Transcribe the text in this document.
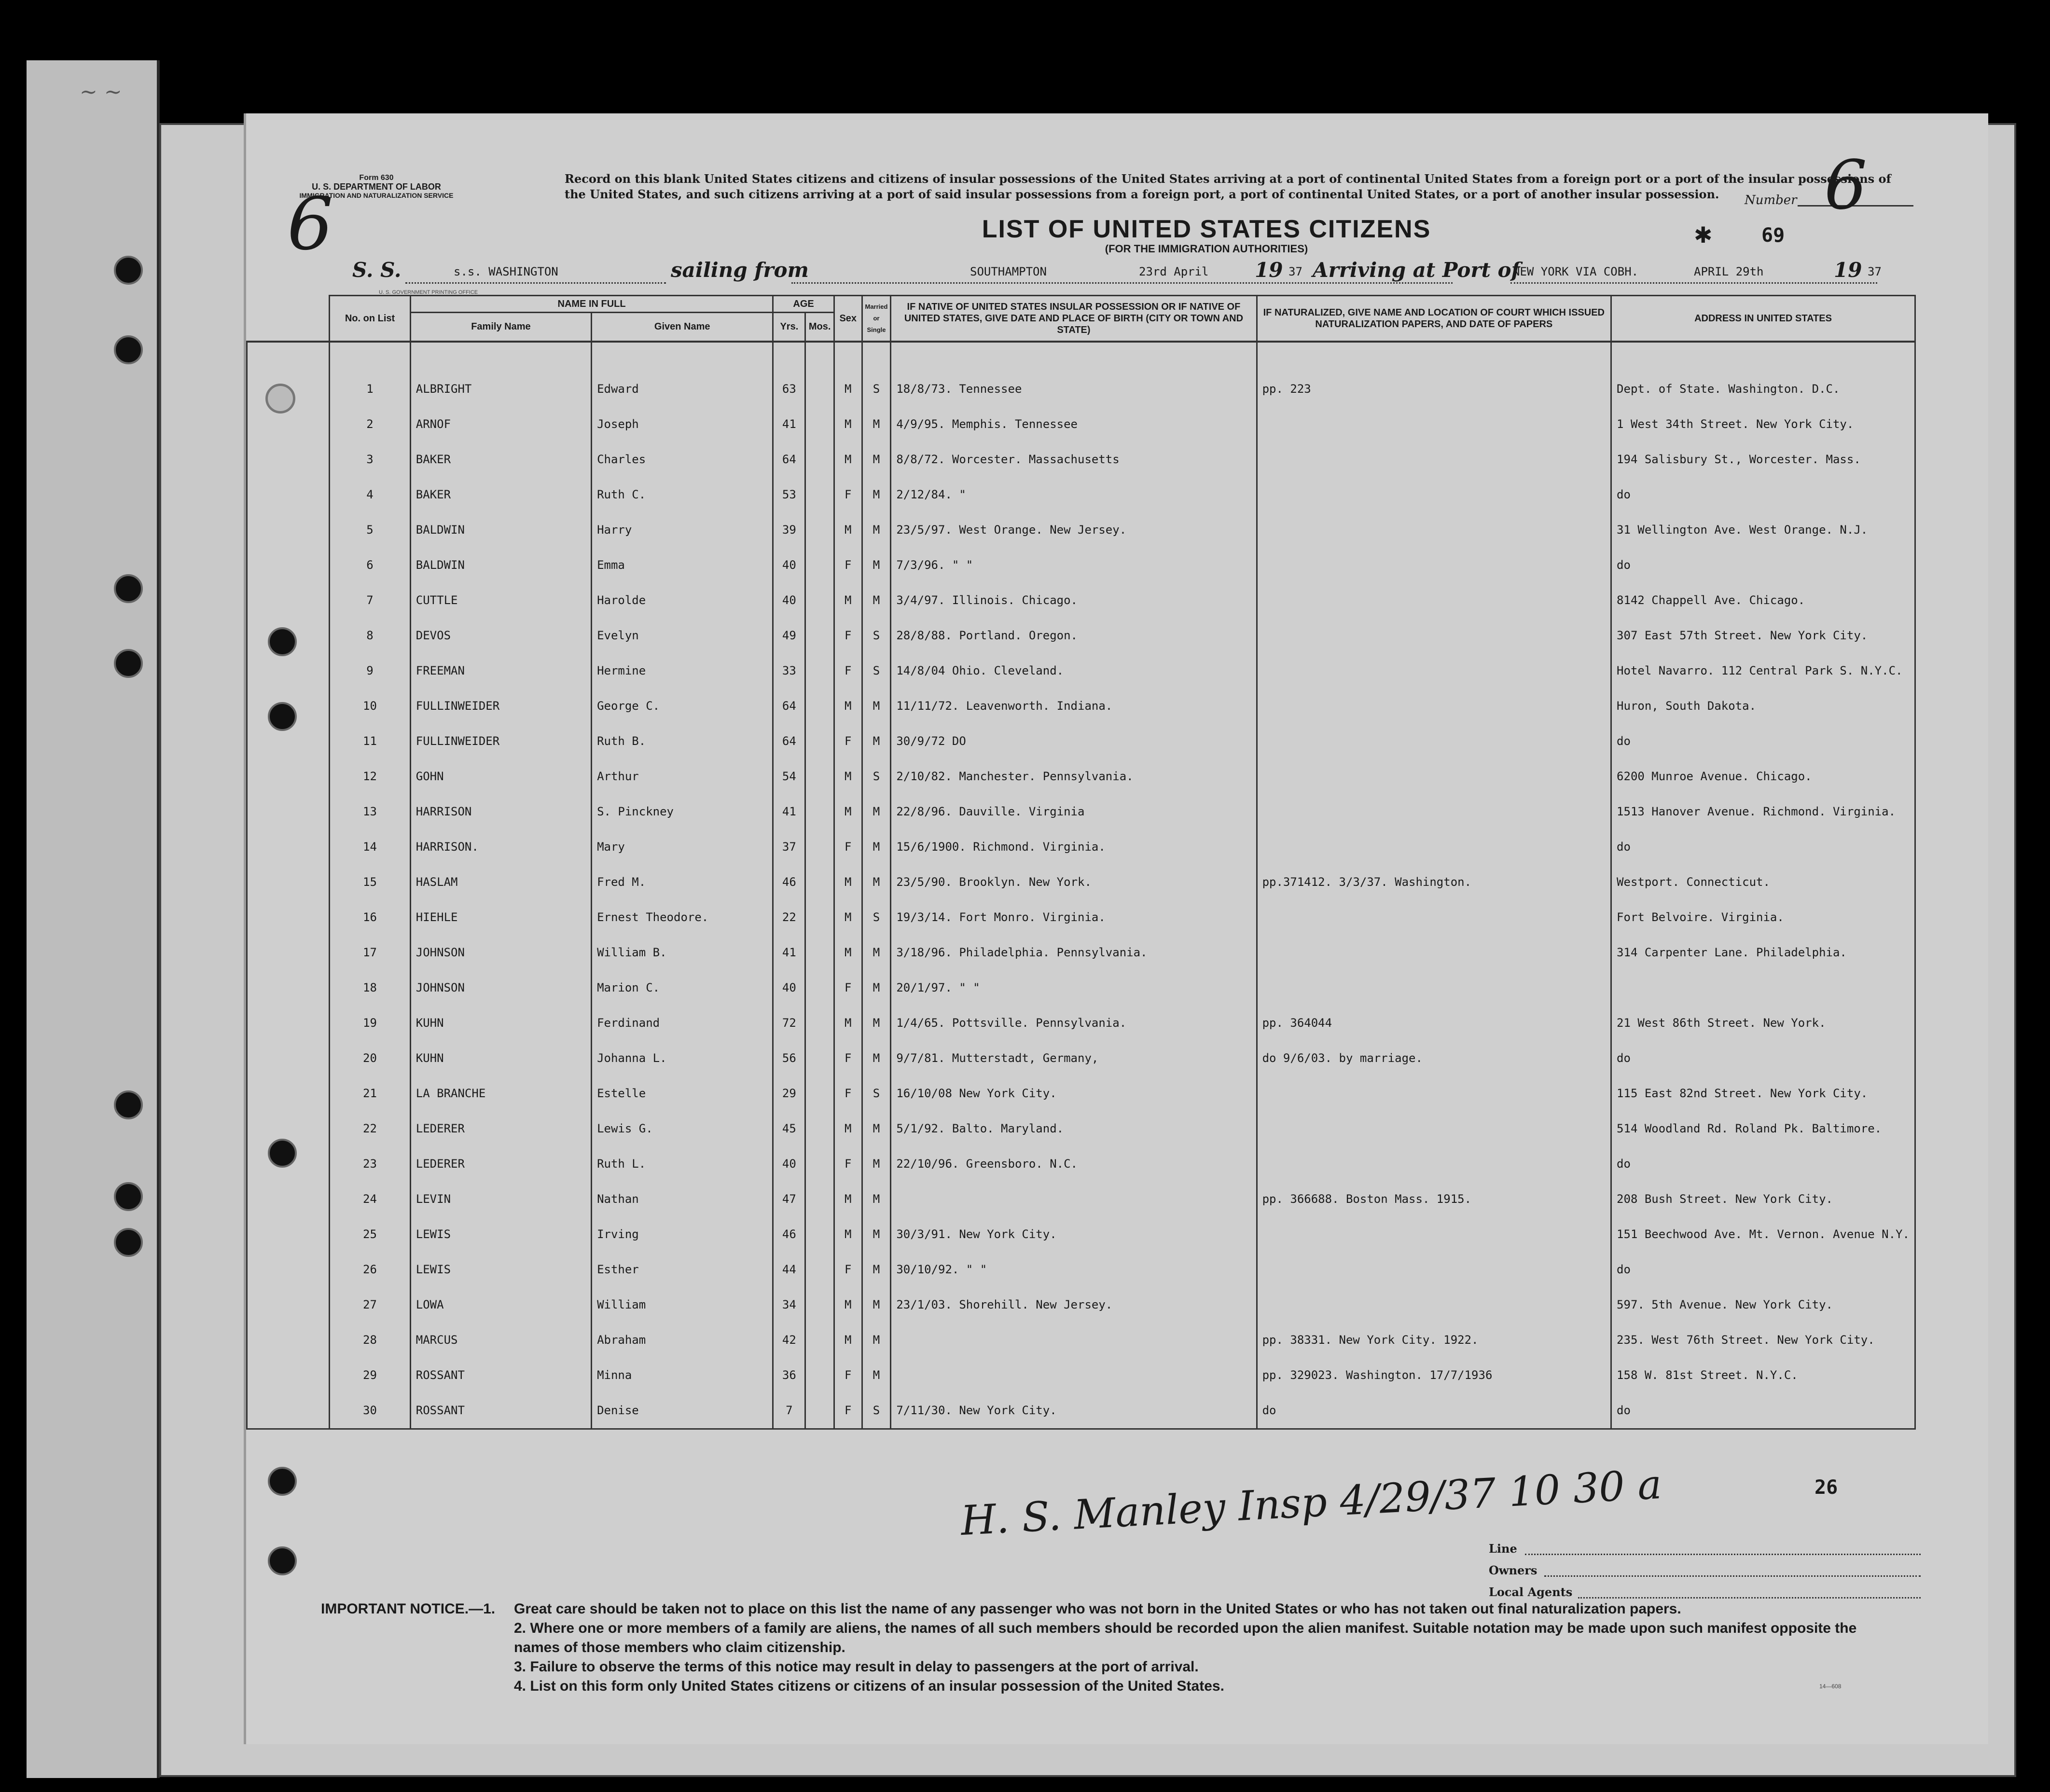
~ ~
Form 630
U. S. DEPARTMENT OF LABOR
IMMIGRATION AND NATURALIZATION SERVICE
6
Record on this blank United States citizens and citizens of insular possessions of the United States arriving at a port of continental United States from a foreign port or a port of the insular possessions of the United States, and such citizens arriving at a port of said insular possessions from a foreign port, a port of continental United States, or a port of another insular possession.	Number 6
✱	69
LIST OF UNITED STATES CITIZENS
(FOR THE IMMIGRATION AUTHORITIES)
S. S.	s.s. WASHINGTON	sailing from	SOUTHAMPTON	23rd April 19 37 Arriving at Port of
NEW YORK VIA COBH.	APRIL 29th	19 37
U. S. GOVERNMENT PRINTING OFFICE
	No. on List	NAME IN FULL		AGE		Sex	Married or Single	IF NATIVE OF UNITED STATES INSULAR POSSESSION OR IF NATIVE OF UNITED STATES, GIVE DATE AND PLACE OF BIRTH (CITY OR TOWN AND STATE)	IF NATURALIZED, GIVE NAME AND LOCATION OF COURT WHICH ISSUED NATURALIZATION PAPERS, AND DATE OF PAPERS	ADDRESS IN UNITED STATES
		Family Name	Given Name	Yrs.	Mos.					

	1	ALBRIGHT	Edward	63		M	S	18/8/73. Tennessee	pp. 223	Dept. of State. Washington. D.C.
	2	ARNOF	Joseph	41		M	M	4/9/95. Memphis. Tennessee		1 West 34th Street. New York City.
	3	BAKER	Charles	64		M	M	8/8/72. Worcester. Massachusetts		194 Salisbury St., Worcester. Mass.
	4	BAKER	Ruth C.	53		F	M	2/12/84. "		do
	5	BALDWIN	Harry	39		M	M	23/5/97. West Orange. New Jersey.		31 Wellington Ave. West Orange. N.J.
	6	BALDWIN	Emma	40		F	M	7/3/96. " "		do
	7	CUTTLE	Harolde	40		M	M	3/4/97. Illinois. Chicago.		8142 Chappell Ave. Chicago.
	8	DEVOS	Evelyn	49		F	S	28/8/88. Portland. Oregon.		307 East 57th Street. New York City.
	9	FREEMAN	Hermine	33		F	S	14/8/04 Ohio. Cleveland.		Hotel Navarro. 112 Central Park S. N.Y.C.
	10	FULLINWEIDER	George C.	64		M	M	11/11/72. Leavenworth. Indiana.		Huron, South Dakota.
	11	FULLINWEIDER	Ruth B.	64		F	M	30/9/72 DO		do
	12	GOHN	Arthur	54		M	S	2/10/82. Manchester. Pennsylvania.		6200 Munroe Avenue. Chicago.
	13	HARRISON	S. Pinckney	41		M	M	22/8/96. Dauville. Virginia		1513 Hanover Avenue. Richmond. Virginia.
	14	HARRISON.	Mary	37		F	M	15/6/1900. Richmond. Virginia.		do
	15	HASLAM	Fred M.	46		M	M	23/5/90. Brooklyn. New York.	pp.371412. 3/3/37. Washington.	Westport. Connecticut.
	16	HIEHLE	Ernest Theodore.	22		M	S	19/3/14. Fort Monro. Virginia.		Fort Belvoire. Virginia.
	17	JOHNSON	William B.	41		M	M	3/18/96. Philadelphia. Pennsylvania.		314 Carpenter Lane. Philadelphia.
	18	JOHNSON	Marion C.	40		F	M	20/1/97. " "		
	19	KUHN	Ferdinand	72		M	M	1/4/65. Pottsville. Pennsylvania.	pp. 364044	21 West 86th Street. New York.
	20	KUHN	Johanna L.	56		F	M	9/7/81. Mutterstadt, Germany,	do 9/6/03. by marriage.	do
	21	LA BRANCHE	Estelle	29		F	S	16/10/08 New York City.		115 East 82nd Street. New York City.
	22	LEDERER	Lewis G.	45		M	M	5/1/92. Balto. Maryland.		514 Woodland Rd. Roland Pk. Baltimore.
	23	LEDERER	Ruth L.	40		F	M	22/10/96. Greensboro. N.C.		do
	24	LEVIN	Nathan	47		M	M		pp. 366688. Boston Mass. 1915.	208 Bush Street. New York City.
	25	LEWIS	Irving	46		M	M	30/3/91. New York City.		151 Beechwood Ave. Mt. Vernon. Avenue N.Y.
	26	LEWIS	Esther	44		F	M	30/10/92. " "		do
	27	LOWA	William	34		M	M	23/1/03. Shorehill. New Jersey.		597. 5th Avenue. New York City.
	28	MARCUS	Abraham	42		M	M		pp. 38331. New York City. 1922.	235. West 76th Street. New York City.
	29	ROSSANT	Minna	36		F	M		pp. 329023. Washington. 17/7/1936	158 W. 81st Street. N.Y.C.
	30	ROSSANT	Denise	7		F	S	7/11/30. New York City.	do	do
H. S. Manley Insp 4/29/37 10 30 a	26
Line
Owners
Local Agents
IMPORTANT NOTICE.—1. Great care should be taken not to place on this list the name of any passenger who was not born in the United States or who has not taken out final naturalization papers.
2. Where one or more members of a family are aliens, the names of all such members should be recorded upon the alien manifest. Suitable notation may be made upon such manifest opposite the names of those members who claim citizenship.
3. Failure to observe the terms of this notice may result in delay to passengers at the port of arrival.
4. List on this form only United States citizens or citizens of an insular possession of the United States.	14—608
